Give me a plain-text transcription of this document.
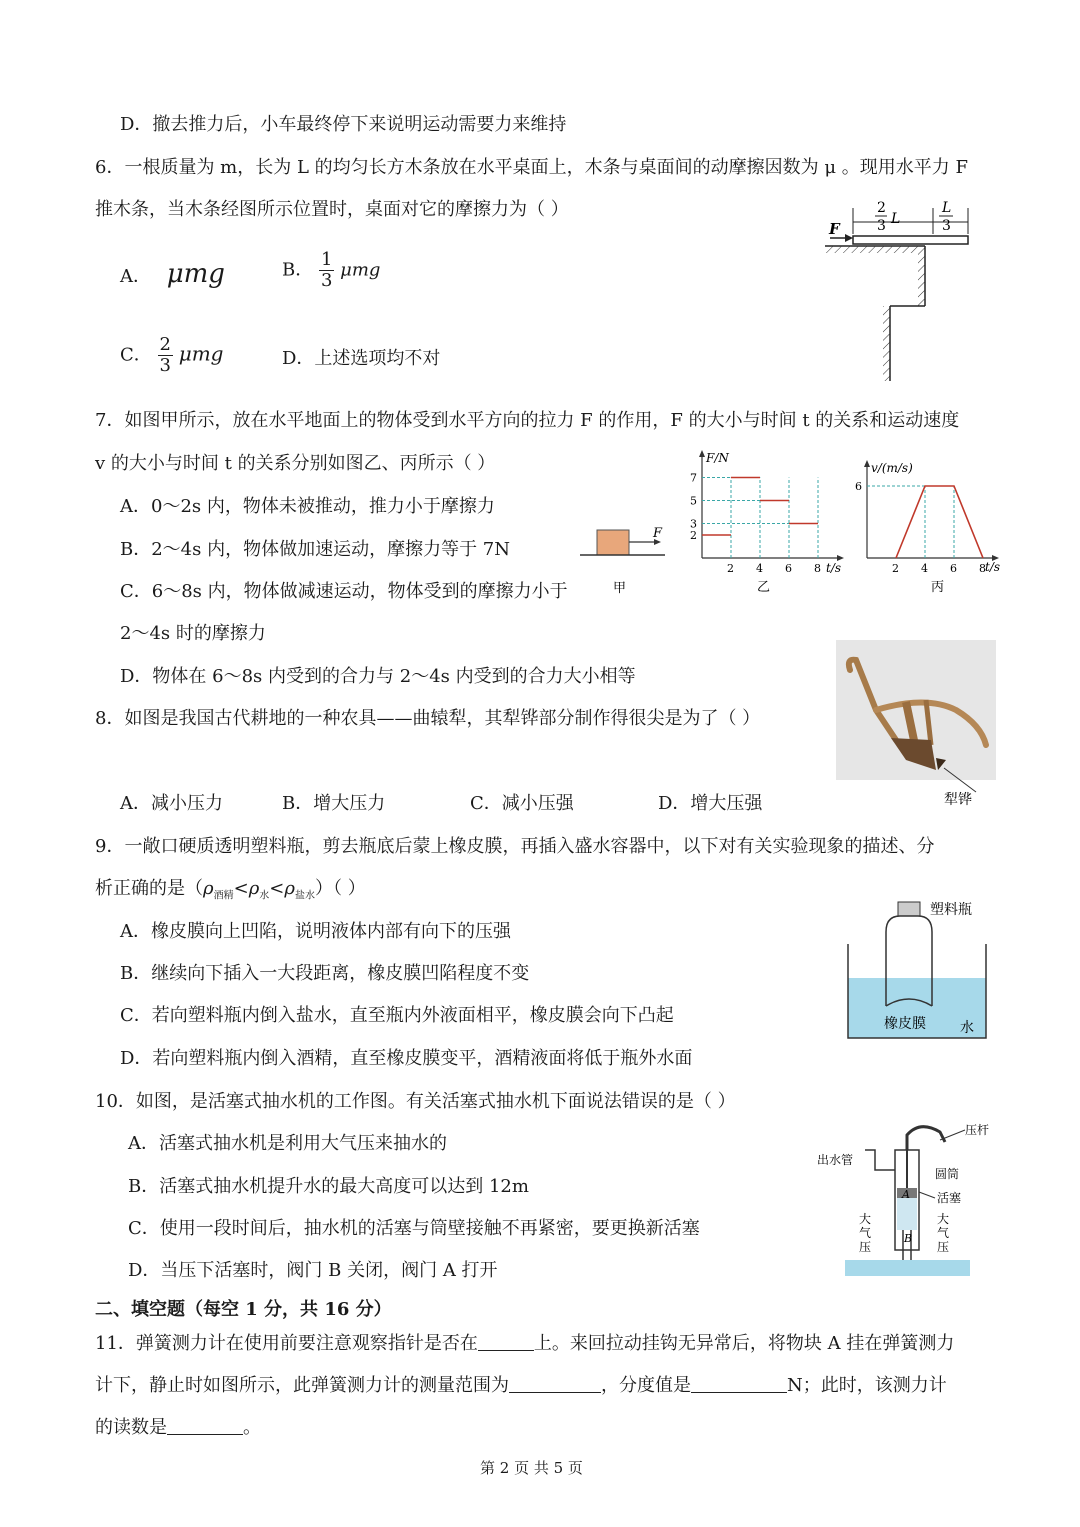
D．撤去推力后，小车最终停下来说明运动需要力来维持
6．一根质量为 m，长为 L 的均匀长方木条放在水平桌面上，木条与桌面间的动摩擦因数为 μ 。现用水平力 F
推木条，当木条经图所示位置时，桌面对它的摩擦力为（ ）
A． μmg	B． $\frac{1}{3}$ μmg
C． $\frac{2}{3}$ μmg	D．上述选项均不对
F
2
3 L
L
3
7．如图甲所示，放在水平地面上的物体受到水平方向的拉力 F 的作用，F 的大小与时间 t 的关系和运动速度
v 的大小与时间 t 的关系分别如图乙、丙所示（ ）
A．0～2s 内，物体未被推动，推力小于摩擦力
B．2～4s 内，物体做加速运动，摩擦力等于 7N
C．6～8s 内，物体做减速运动，物体受到的摩擦力小于
2～4s 时的摩擦力
D．物体在 6～8s 内受到的合力与 2～4s 内受到的合力大小相等
F
甲
F/N
t/s
7
5
3
2
2 4 6 8
乙
v/(m/s)
t/s
6
2 4 6 8
丙
8．如图是我国古代耕地的一种农具——曲辕犁，其犁铧部分制作得很尖是为了（ ）
A．减小压力	B．增大压力	C．减小压强	D．增大压强	犁铧
9．一敞口硬质透明塑料瓶，剪去瓶底后蒙上橡皮膜，再插入盛水容器中，以下对有关实验现象的描述、分
析正确的是$(\rho_{酒精}<\rho_水<\rho_{盐水})$（ ）
A．橡皮膜向上凹陷，说明液体内部有向下的压强
B．继续向下插入一大段距离，橡皮膜凹陷程度不变
C．若向塑料瓶内倒入盐水，直至瓶内外液面相平，橡皮膜会向下凸起
D．若向塑料瓶内倒入酒精，直至橡皮膜变平，酒精液面将低于瓶外水面
塑料瓶
橡皮膜 水
10．如图，是活塞式抽水机的工作图。有关活塞式抽水机下面说法错误的是（ ）
A．活塞式抽水机是利用大气压来抽水的
B．活塞式抽水机提升水的最大高度可以达到 12m
C．使用一段时间后，抽水机的活塞与筒壁接触不再紧密，要更换新活塞
D．当压下活塞时，阀门 B 关闭，阀门 A 打开
压杆
出水管
圆筒
活塞
大
气
压
大
气
压
A
B
二、填空题（每空 1 分，共 16 分）
11．弹簧测力计在使用前要注意观察指针是否在	上。来回拉动挂钩无异常后，将物块 A 挂在弹簧测力
计下，静止时如图所示，此弹簧测力计的测量范围为	，分度值是	N；此时，该测力计
的读数是	。
第 2 页 共 5 页
